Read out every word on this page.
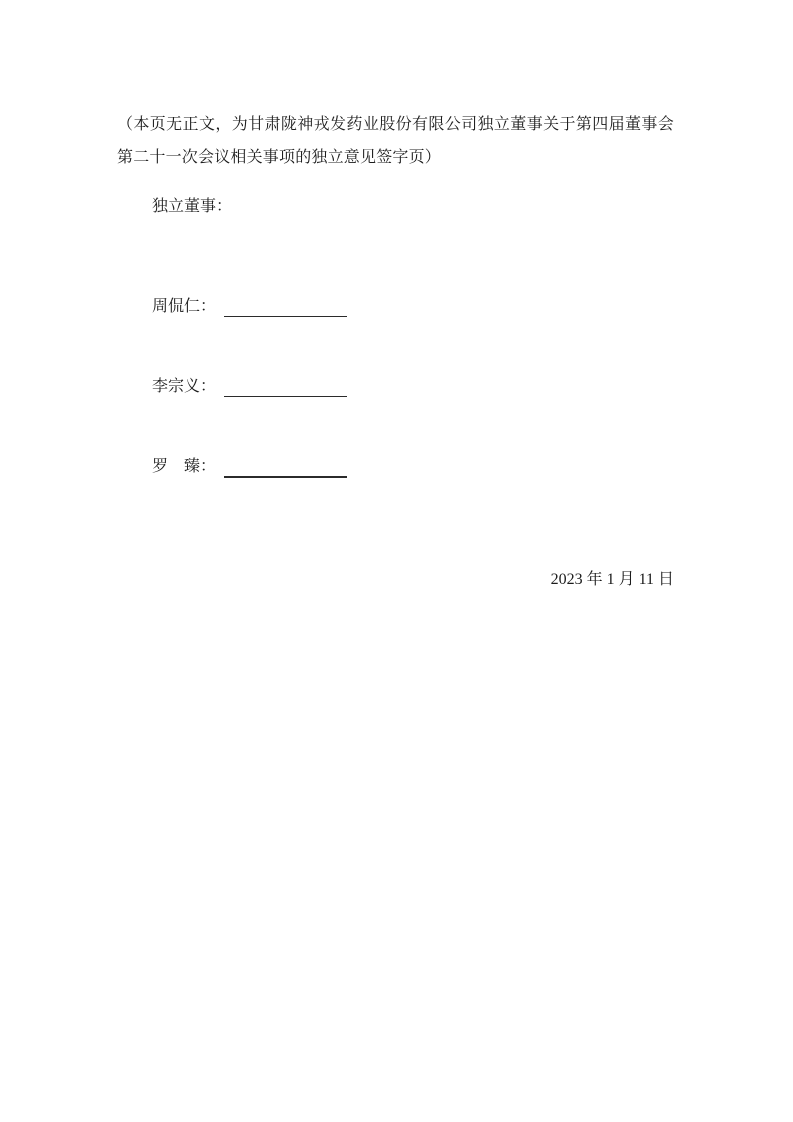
（本页无正文，为甘肃陇神戎发药业股份有限公司独立董事关于第四届董事会第二十一次会议相关事项的独立意见签字页）

独立董事：
周侃仁：
李宗义：
罗　臻：
2023 年 1 月 11 日
